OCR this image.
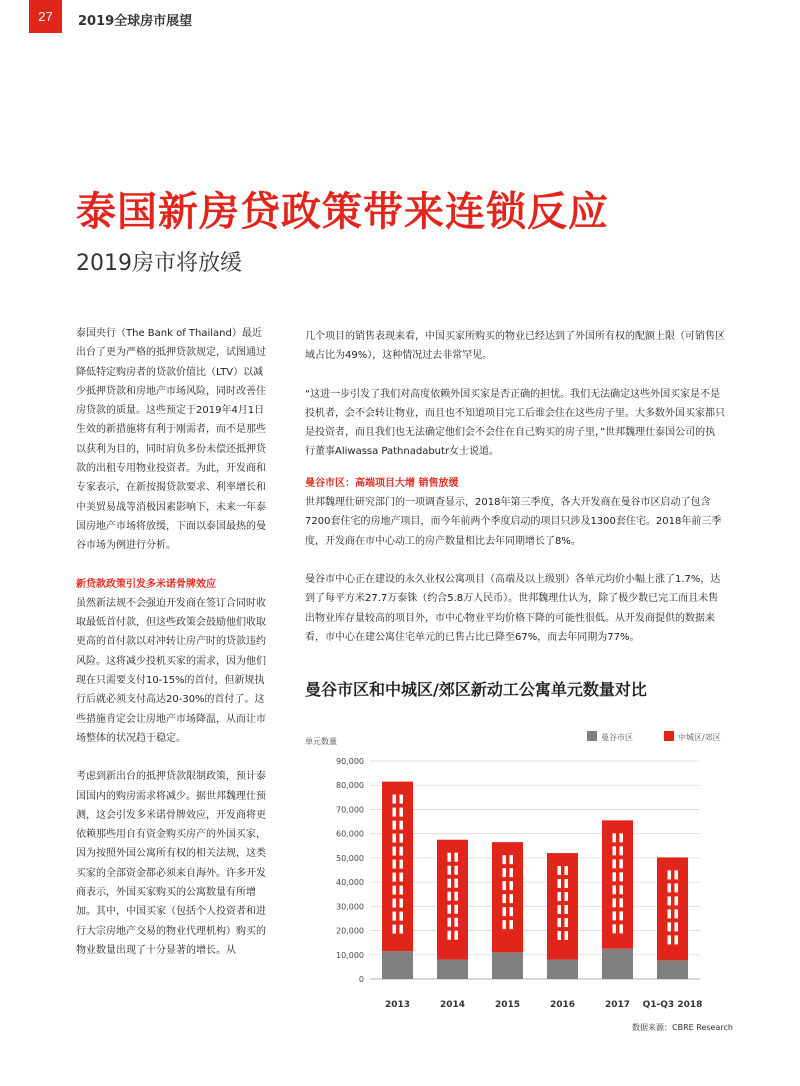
27	2019全球房市展望
泰国新房贷政策带来连锁反应
2019房市将放缓

泰国央行（The Bank of Thailand）最近出台了更为严格的抵押贷款规定，试图通过降低特定购房者的贷款价值比（LTV）以减少抵押贷款和房地产市场风险，同时改善住房贷款的质量。这些预定于2019年4月1日生效的新措施将有利于刚需者，而不是那些以获利为目的，同时肩负多份未偿还抵押贷款的出租专用物业投资者。为此，开发商和专家表示，在新按揭贷款要求、利率增长和中美贸易战等消极因素影响下，未来一年泰国房地产市场将放缓，下面以泰国最热的曼谷市场为例进行分析。

新贷款政策引发多米诺骨牌效应

虽然新法规不会强迫开发商在签订合同时收取最低首付款，但这些政策会鼓励他们收取更高的首付款以对冲转让房产时的贷款违约风险。这将减少投机买家的需求，因为他们现在只需要支付10-15%的首付，但新规执行后就必须支付高达20-30%的首付了。这些措施肯定会让房地产市场降温，从而让市场整体的状况趋于稳定。

考虑到新出台的抵押贷款限制政策，预计泰国国内的购房需求将减少。据世邦魏理仕预测，这会引发多米诺骨牌效应，开发商将更依赖那些用自有资金购买房产的外国买家，因为按照外国公寓所有权的相关法规，这类买家的全部资金都必须来自海外。许多开发商表示，外国买家购买的公寓数量有所增加。其中，中国买家（包括个人投资者和进行大宗房地产交易的物业代理机构）购买的物业数量出现了十分显著的增长。从

几个项目的销售表现来看，中国买家所购买的物业已经达到了外国所有权的配额上限（可销售区域占比为49%），这种情况过去非常罕见。

“这进一步引发了我们对高度依赖外国买家是否正确的担忧。我们无法确定这些外国买家是不是投机者，会不会转让物业，而且也不知道项目完工后谁会住在这些房子里。大多数外国买家都只是投资者，而且我们也无法确定他们会不会住在自己购买的房子里，”世邦魏理仕泰国公司的执行董事Aliwassa Pathnadabutr女士说道。

曼谷市区：高端项目大增 销售放缓

世邦魏理仕研究部门的一项调查显示，2018年第三季度，各大开发商在曼谷市区启动了包含7200套住宅的房地产项目，而今年前两个季度启动的项目只涉及1300套住宅。2018年前三季度，开发商在市中心动工的房产数量相比去年同期增长了8%。

曼谷市中心正在建设的永久业权公寓项目（高端及以上级别）各单元均价小幅上涨了1.7%，达到了每平方米27.7万泰铢（约合5.8万人民币）。世邦魏理仕认为，除了极少数已完工而且未售出物业库存量较高的项目外，市中心物业平均价格下降的可能性很低。从开发商提供的数据来看，市中心在建公寓住宅单元的已售占比已降至67%，而去年同期为77%。

曼谷市区和中城区/郊区新动工公寓单元数量对比
单元数量
0
10,000
20,000
30,000
40,000
50,000
60,000
70,000
80,000
90,000
2013	2014	2015	2016	2017 Q1-Q3 2018
曼谷市区	中城区/郊区
数据来源：CBRE Research
